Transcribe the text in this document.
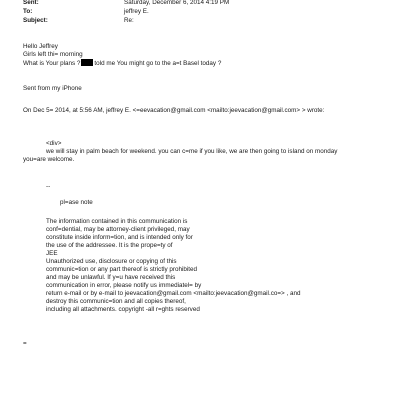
Sent:	Saturday, December 6, 2014 4:19 PM
To:	jeffrey E.
Subject:	Re:
Hello Jeffrey
Girls left thi= morning
What is Your plans ? told me You might go to the a=t Basel today ?
Sent from my iPhone
On Dec 5= 2014, at 5:56 AM, jeffrey E. <=eevacation@gmail.com <mailto:jeevacation@gmail.com> > wrote:
<div>
we will stay in palm beach for weekend. you can c=me if you like, we are then going to island on monday
you=are welcome.
--
pl=ase note
The information contained in this communication is
conf=dential, may be attorney-client privileged, may
constitute inside inform=tion, and is intended only for
the use of the addressee. It is the prope=ty of
JEE
Unauthorized use, disclosure or copying of this
communic=tion or any part thereof is strictly prohibited
and may be unlawful. If y=u have received this
communication in error, please notify us immediatel= by
return e-mail or by e-mail to jeevacation@gmail.com <mailto:jeevacation@gmail.co=> , and
destroy this communic=tion and all copies thereof,
including all attachments. copyright -all r=ghts reserved
=
